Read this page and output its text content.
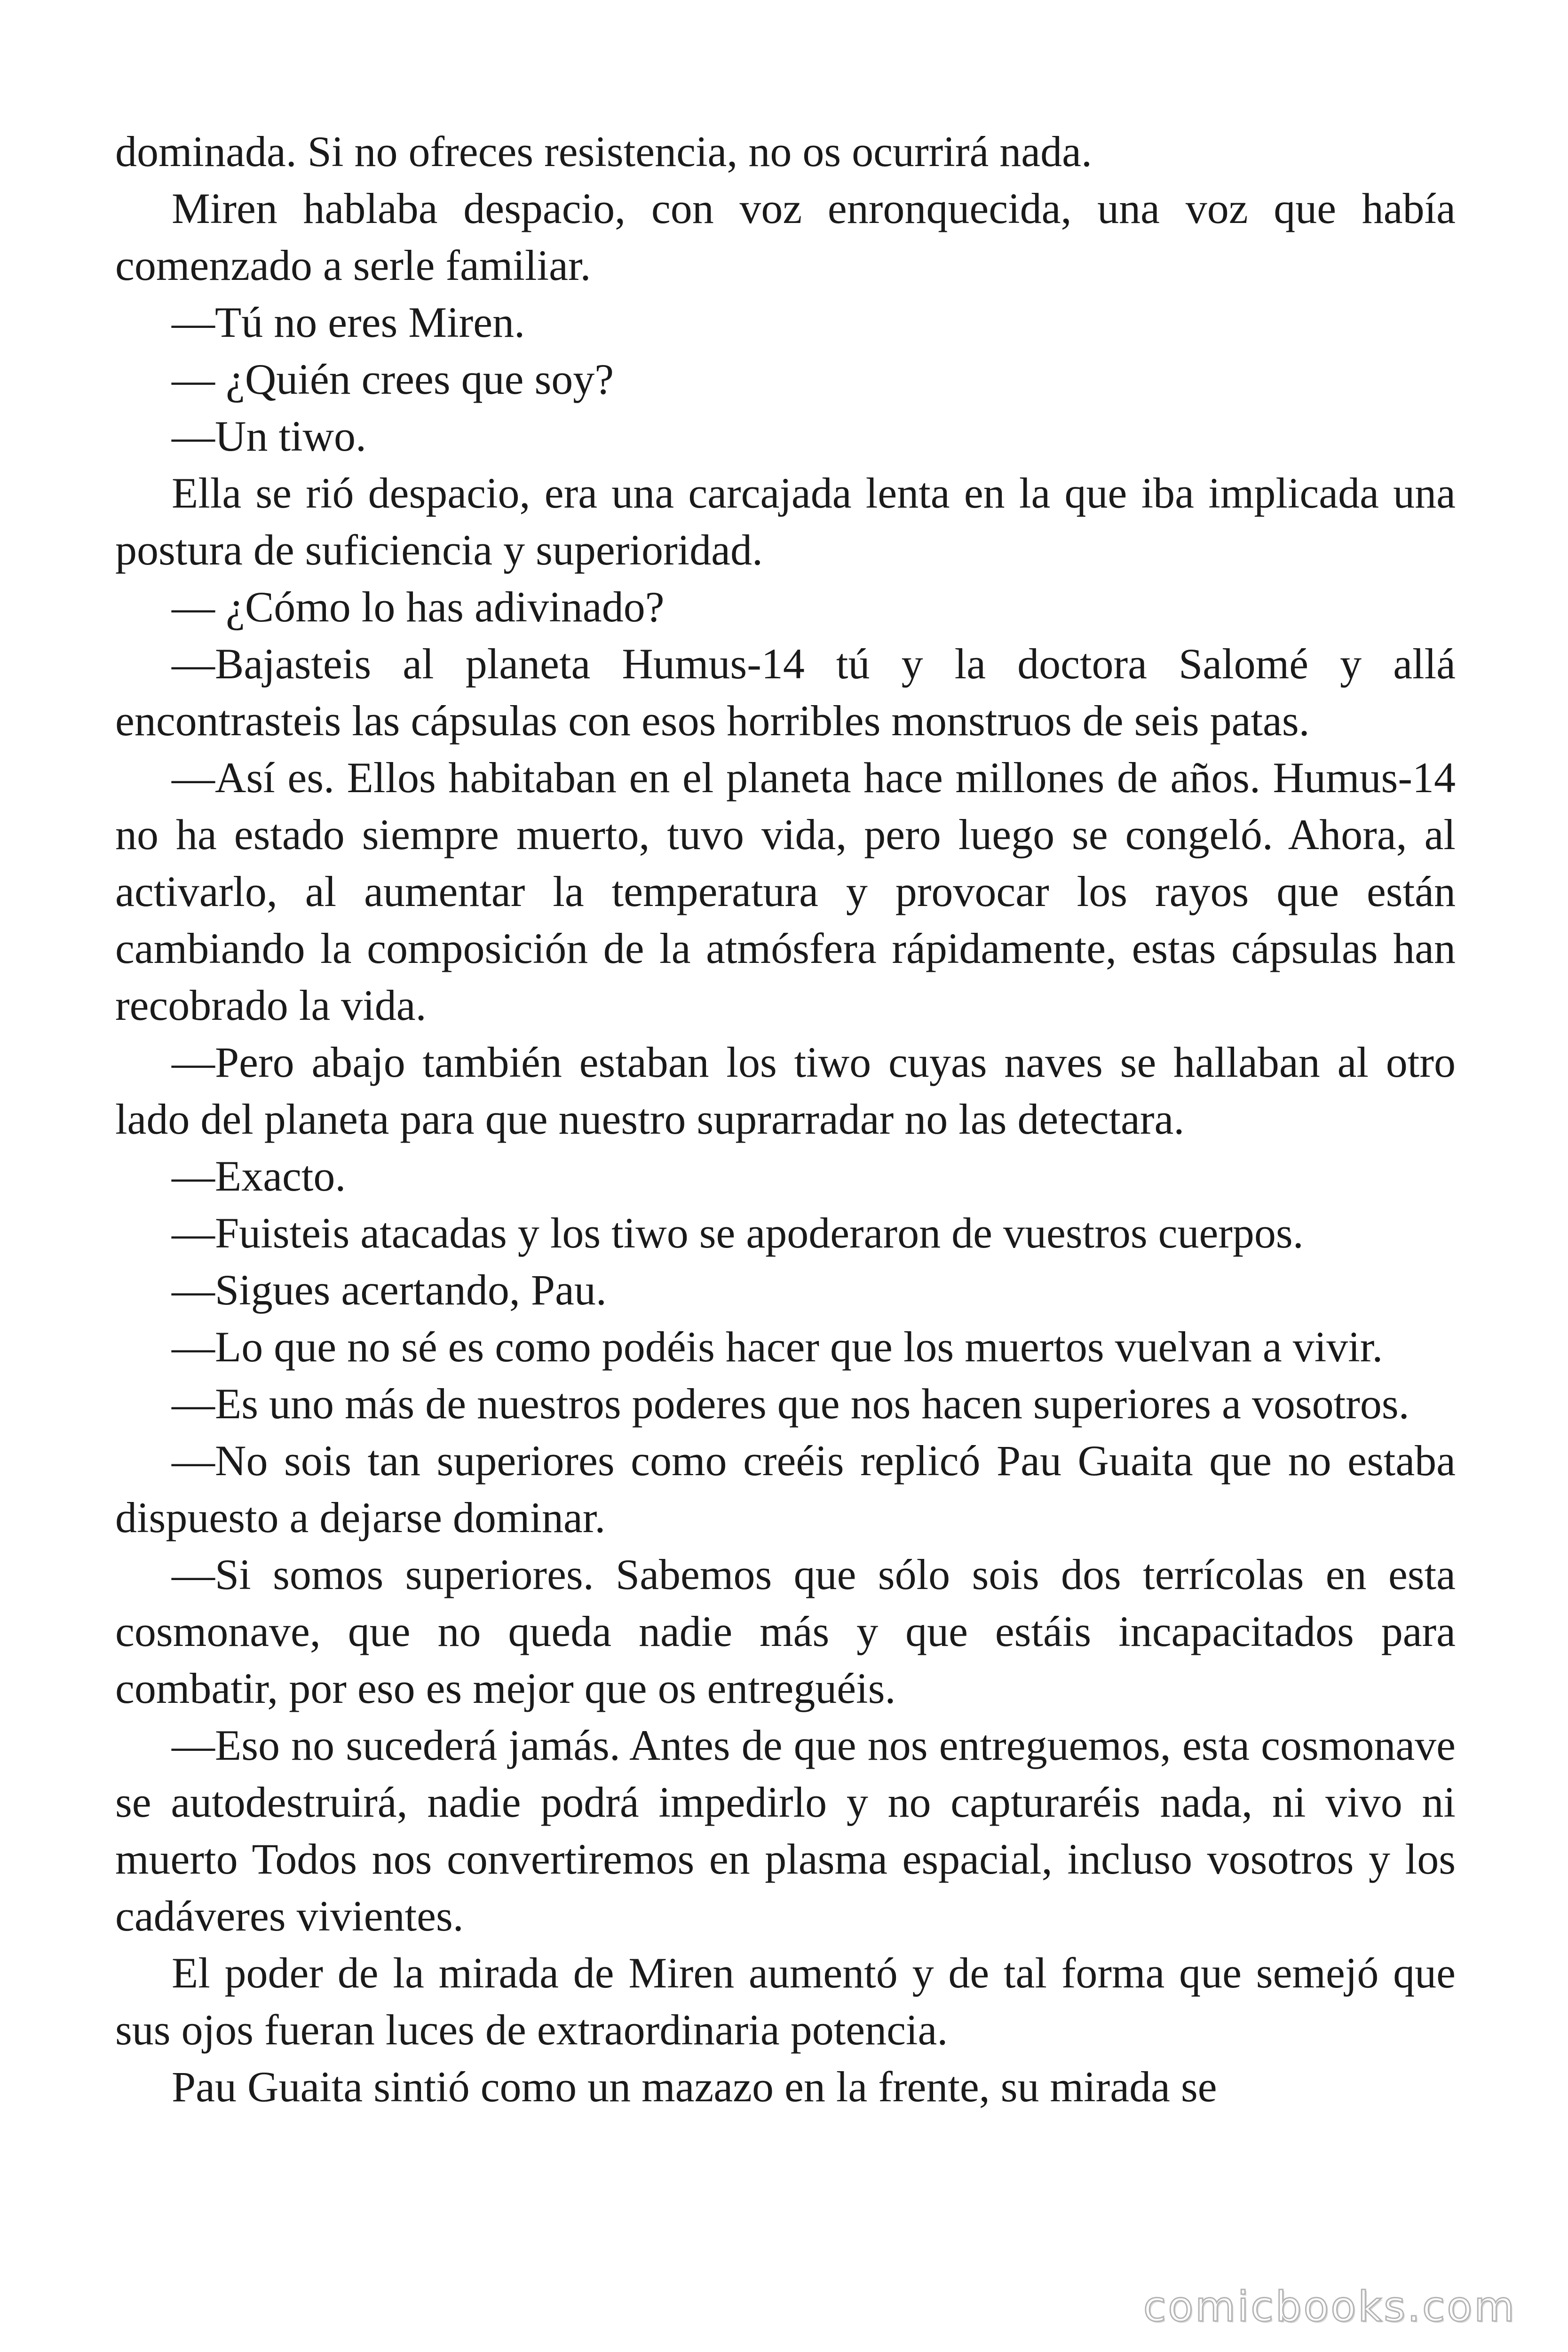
dominada. Si no ofreces resistencia, no os ocurrirá nada.

Miren hablaba despacio, con voz enronquecida, una voz que había comenzado a serle familiar.

—Tú no eres Miren.

— ¿Quién crees que soy?

—Un tiwo.

Ella se rió despacio, era una carcajada lenta en la que iba implicada una postura de suficiencia y superioridad.

— ¿Cómo lo has adivinado?

—Bajasteis al planeta Humus-14 tú y la doctora Salomé y allá encontrasteis las cápsulas con esos horribles monstruos de seis patas.

—Así es. Ellos habitaban en el planeta hace millones de años. Humus-14 no ha estado siempre muerto, tuvo vida, pero luego se congeló. Ahora, al activarlo, al aumentar la temperatura y provocar los rayos que están cambiando la composición de la atmósfera rápidamente, estas cápsulas han recobrado la vida.

—Pero abajo también estaban los tiwo cuyas naves se hallaban al otro lado del planeta para que nuestro suprarradar no las detectara.

—Exacto.

—Fuisteis atacadas y los tiwo se apoderaron de vuestros cuerpos.

—Sigues acertando, Pau.

—Lo que no sé es como podéis hacer que los muertos vuelvan a vivir.

—Es uno más de nuestros poderes que nos hacen superiores a vosotros.

—No sois tan superiores como creéis replicó Pau Guaita que no estaba dispuesto a dejarse dominar.

—Si somos superiores. Sabemos que sólo sois dos terrícolas en esta cosmonave, que no queda nadie más y que estáis incapacitados para combatir, por eso es mejor que os entreguéis.

—Eso no sucederá jamás. Antes de que nos entreguemos, esta cosmonave se autodestruirá, nadie podrá impedirlo y no capturaréis nada, ni vivo ni muerto Todos nos convertiremos en plasma espacial, incluso vosotros y los cadáveres vivientes.

El poder de la mirada de Miren aumentó y de tal forma que semejó que sus ojos fueran luces de extraordinaria potencia.

Pau Guaita sintió como un mazazo en la frente, su mirada se

comicbooks.com
